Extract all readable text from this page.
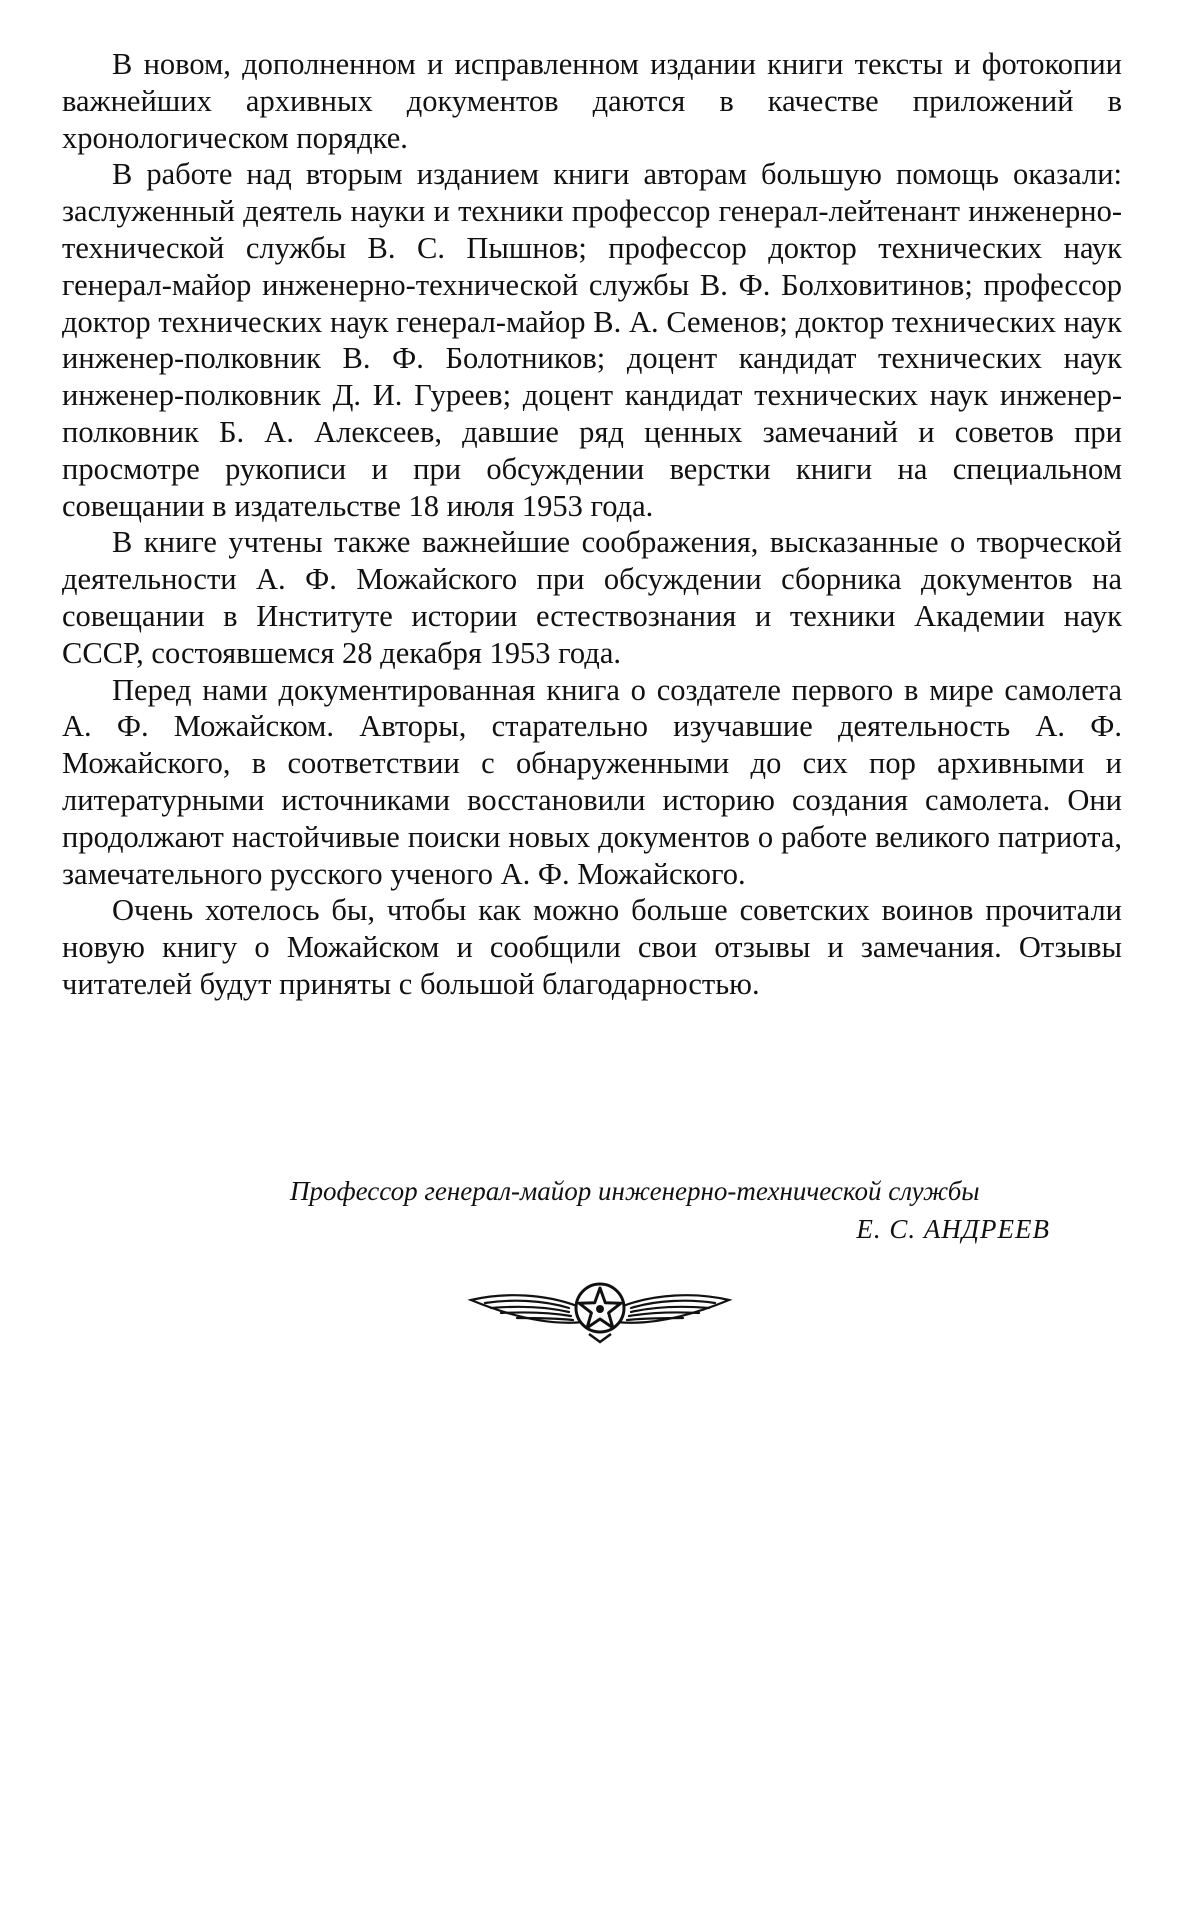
В новом, дополненном и исправленном издании книги тексты и фотокопии важнейших архивных документов даются в качестве приложений в хронологическом порядке.

В работе над вторым изданием книги авторам большую помощь оказали: заслуженный деятель науки и техники профессор генерал-лейтенант инженерно-технической службы В. С. Пышнов; профессор доктор технических наук генерал-майор инженерно-технической службы В. Ф. Болховитинов; профессор доктор технических наук генерал-майор В. А. Семенов; доктор технических наук инженер-полковник В. Ф. Болотников; доцент кандидат технических наук инженер-полковник Д. И. Гуреев; доцент кандидат технических наук инженер-полковник Б. А. Алексеев, давшие ряд ценных замечаний и советов при просмотре рукописи и при обсуждении верстки книги на специальном совещании в издательстве 18 июля 1953 года.

В книге учтены также важнейшие соображения, высказанные о творческой деятельности А. Ф. Можайского при обсуждении сборника документов на совещании в Институте истории естествознания и техники Академии наук СССР, состоявшемся 28 декабря 1953 года.

Перед нами документированная книга о создателе первого в мире самолета А. Ф. Можайском. Авторы, старательно изучавшие деятельность А. Ф. Можайского, в соответствии с обнаруженными до сих пор архивными и литературными источниками восстановили историю создания самолета. Они продолжают настойчивые поиски новых документов о работе великого патриота, замечательного русского ученого А. Ф. Можайского.

Очень хотелось бы, чтобы как можно больше советских воинов прочитали новую книгу о Можайском и сообщили свои отзывы и замечания. Отзывы читателей будут приняты с большой благодарностью.

Профессор генерал-майор инженерно-технической службы
Е. С. АНДРЕЕВ
